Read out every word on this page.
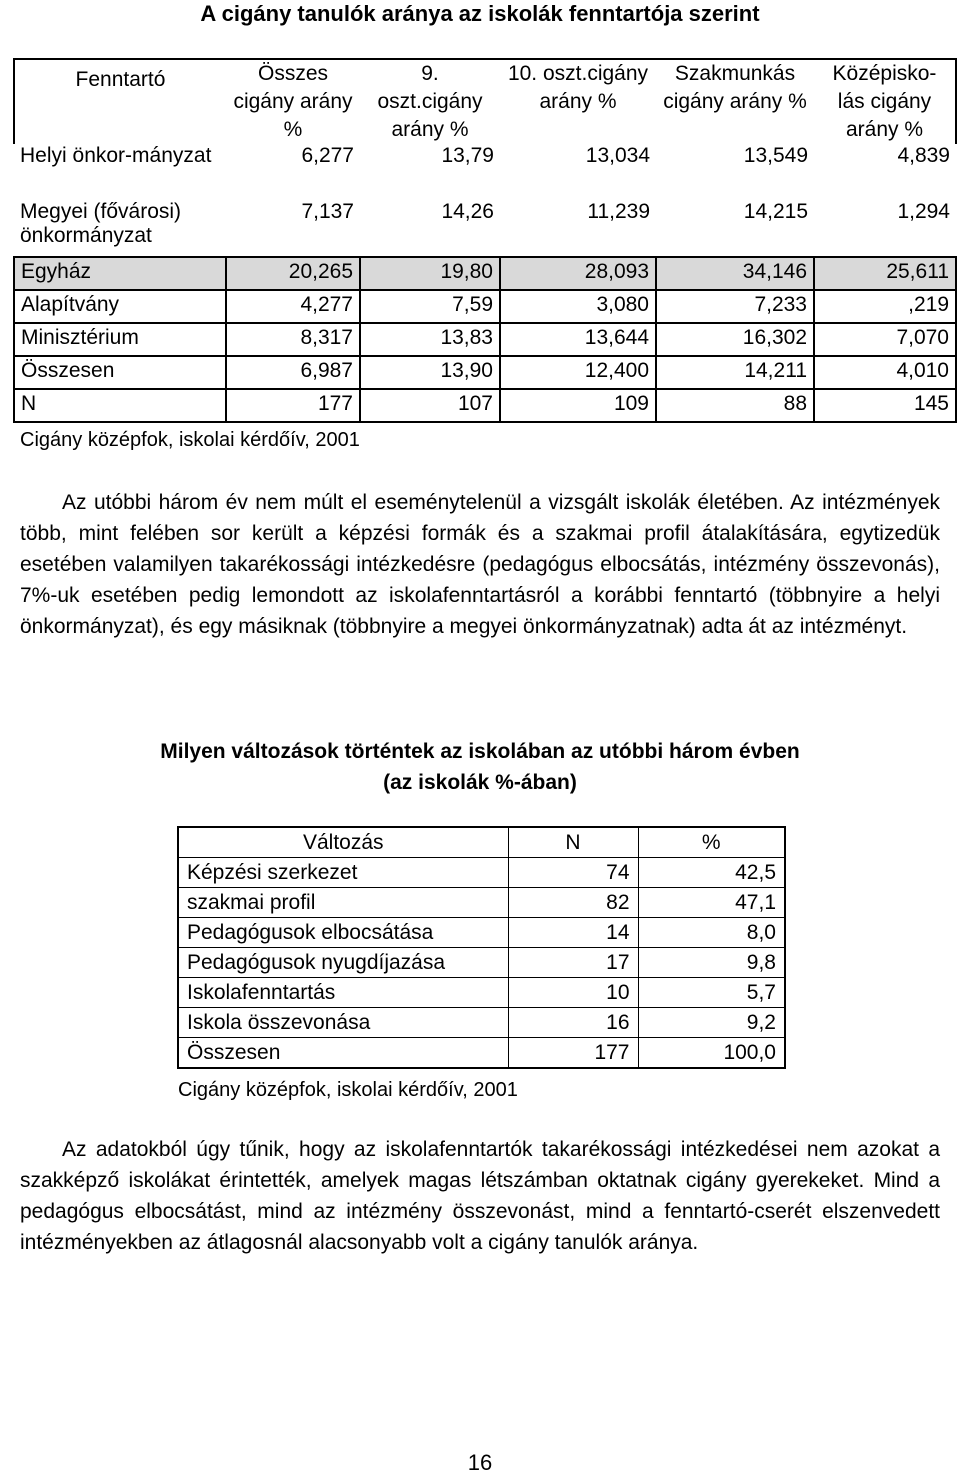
A cigány tanulók aránya az iskolák fenntartója szerint
Fenntartó	Összes cigány arány %	9. oszt.cigány arány %	10. oszt.cigány arány %	Szakmunkás cigány arány %	Középisko-lás cigány arány %
Helyi önkor-mányzat	6,277	13,79	13,034	13,549	4,839
Megyei (fővárosi) önkormányzat	7,137	14,26	11,239	14,215	1,294
Egyház	20,265	19,80	28,093	34,146	25,611
Alapítvány	4,277	7,59	3,080	7,233	,219
Minisztérium	8,317	13,83	13,644	16,302	7,070
Összesen	6,987	13,90	12,400	14,211	4,010
N	177	107	109	88	145
Cigány középfok, iskolai kérdőív, 2001
Az utóbbi három év nem múlt el eseménytelenül a vizsgált iskolák életében. Az intézmények több, mint felében sor került a képzési formák és a szakmai profil átalakítására, egytizedük esetében valamilyen takarékossági intézkedésre (pedagógus elbocsátás, intézmény összevonás), 7%-uk esetében pedig lemondott az iskolafenntartásról a korábbi fenntartó (többnyire a helyi önkormányzat), és egy másiknak (többnyire a megyei önkormányzatnak) adta át az intézményt.
Milyen változások történtek az iskolában az utóbbi három évben
(az iskolák %-ában)
Változás	N	%
Képzési szerkezet	74	42,5
szakmai profil	82	47,1
Pedagógusok elbocsátása	14	8,0
Pedagógusok nyugdíjazása	17	9,8
Iskolafenntartás	10	5,7
Iskola összevonása	16	9,2
Összesen	177	100,0
Cigány középfok, iskolai kérdőív, 2001
Az adatokból úgy tűnik, hogy az iskolafenntartók takarékossági intézkedései nem azokat a szakképző iskolákat érintették, amelyek magas létszámban oktatnak cigány gyerekeket. Mind a pedagógus elbocsátást, mind az intézmény összevonást, mind a fenntartó-cserét elszenvedett intézményekben az átlagosnál alacsonyabb volt a cigány tanulók aránya.
16
